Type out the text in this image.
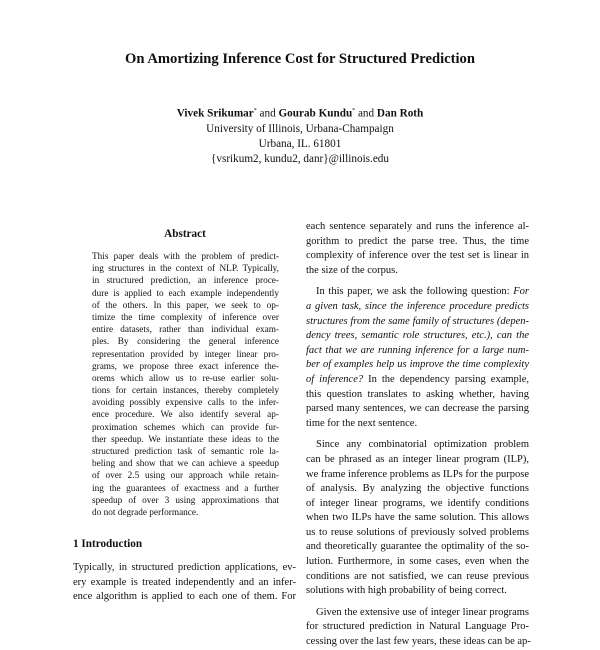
On Amortizing Inference Cost for Structured Prediction
Vivek Srikumar* and Gourab Kundu* and Dan Roth
University of Illinois, Urbana-Champaign
Urbana, IL. 61801
{vsrikum2, kundu2, danr}@illinois.edu
Abstract
This paper deals with the problem of predict-
ing structures in the context of NLP. Typically,
in structured prediction, an inference proce-
dure is applied to each example independently
of the others. In this paper, we seek to op-
timize the time complexity of inference over
entire datasets, rather than individual exam-
ples. By considering the general inference
representation provided by integer linear pro-
grams, we propose three exact inference the-
orems which allow us to re-use earlier solu-
tions for certain instances, thereby completely
avoiding possibly expensive calls to the infer-
ence procedure. We also identify several ap-
proximation schemes which can provide fur-
ther speedup. We instantiate these ideas to the
structured prediction task of semantic role la-
beling and show that we can achieve a speedup
of over 2.5 using our approach while retain-
ing the guarantees of exactness and a further
speedup of over 3 using approximations that
do not degrade performance.
1 Introduction
Typically, in structured prediction applications, ev-
ery example is treated independently and an infer-
ence algorithm is applied to each one of them. For
each sentence separately and runs the inference al-
gorithm to predict the parse tree. Thus, the time
complexity of inference over the test set is linear in
the size of the corpus.
In this paper, we ask the following question: For
a given task, since the inference procedure predicts
structures from the same family of structures (depen-
dency trees, semantic role structures, etc.), can the
fact that we are running inference for a large num-
ber of examples help us improve the time complexity
of inference? In the dependency parsing example,
this question translates to asking whether, having
parsed many sentences, we can decrease the parsing
time for the next sentence.
Since any combinatorial optimization problem
can be phrased as an integer linear program (ILP),
we frame inference problems as ILPs for the purpose
of analysis. By analyzing the objective functions
of integer linear programs, we identify conditions
when two ILPs have the same solution. This allows
us to reuse solutions of previously solved problems
and theoretically guarantee the optimality of the so-
lution. Furthermore, in some cases, even when the
conditions are not satisfied, we can reuse previous
solutions with high probability of being correct.
Given the extensive use of integer linear programs
for structured prediction in Natural Language Pro-
cessing over the last few years, these ideas can be ap-
